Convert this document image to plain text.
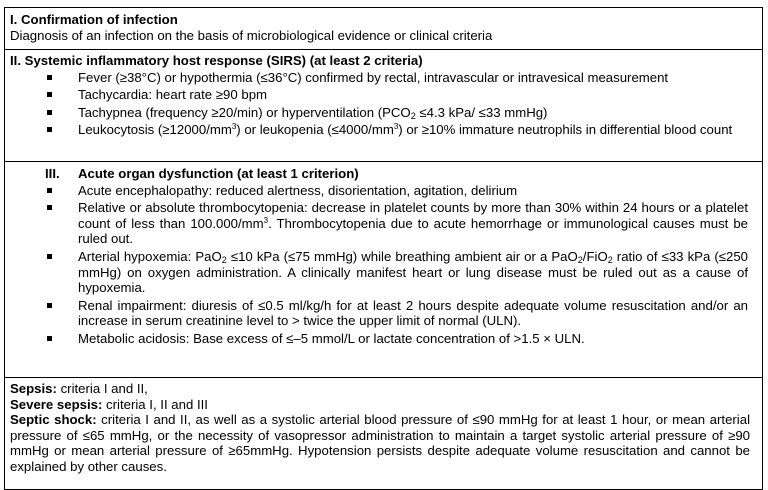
I. Confirmation of infection
Diagnosis of an infection on the basis of microbiological evidence or clinical criteria
II. Systemic inflammatory host response (SIRS) (at least 2 criteria)
Fever (≥38°C) or hypothermia (≤36°C) confirmed by rectal, intravascular or intravesical measurement
Tachycardia: heart rate ≥90 bpm
Tachypnea (frequency ≥20/min) or hyperventilation ($PCO_2 \le 4.3$ kPa/ ≤33 mmHg)
Leukocytosis $(\ge 12000/mm^3)$ or leukopenia $(\le 4000/mm^3)$ or ≥10% immature neutrophils in differential blood count
III. Acute organ dysfunction (at least 1 criterion)
Acute encephalopathy: reduced alertness, disorientation, agitation, delirium
Relative or absolute thrombocytopenia: decrease in platelet counts by more than 30% within 24 hours or a platelet count of less than $100.000/mm^3$. Thrombocytopenia due to acute hemorrhage or immunological causes must be ruled out.
Arterial hypoxemia: PaO$_2$ ≤10 kPa (≤75 mmHg) while breathing ambient air or a PaO$_2$/FiO$_2$ ratio of ≤33 kPa (≤250 mmHg) on oxygen administration. A clinically manifest heart or lung disease must be ruled out as a cause of hypoxemia.
Renal impairment: diuresis of ≤0.5 ml/kg/h for at least 2 hours despite adequate volume resuscitation and/or an increase in serum creatinine level to > twice the upper limit of normal (ULN).
Metabolic acidosis: Base excess of ≤–5 mmol/L or lactate concentration of >1.5 × ULN.

Sepsis: criteria I and II,

Severe sepsis: criteria I, II and III

Septic shock: criteria I and II, as well as a systolic arterial blood pressure of ≤90 mmHg for at least 1 hour, or mean arterial pressure of ≤65 mmHg, or the necessity of vasopressor administration to maintain a target systolic arterial pressure of ≥90 mmHg or mean arterial pressure of ≥65mmHg. Hypotension persists despite adequate volume resuscitation and cannot be explained by other causes.
